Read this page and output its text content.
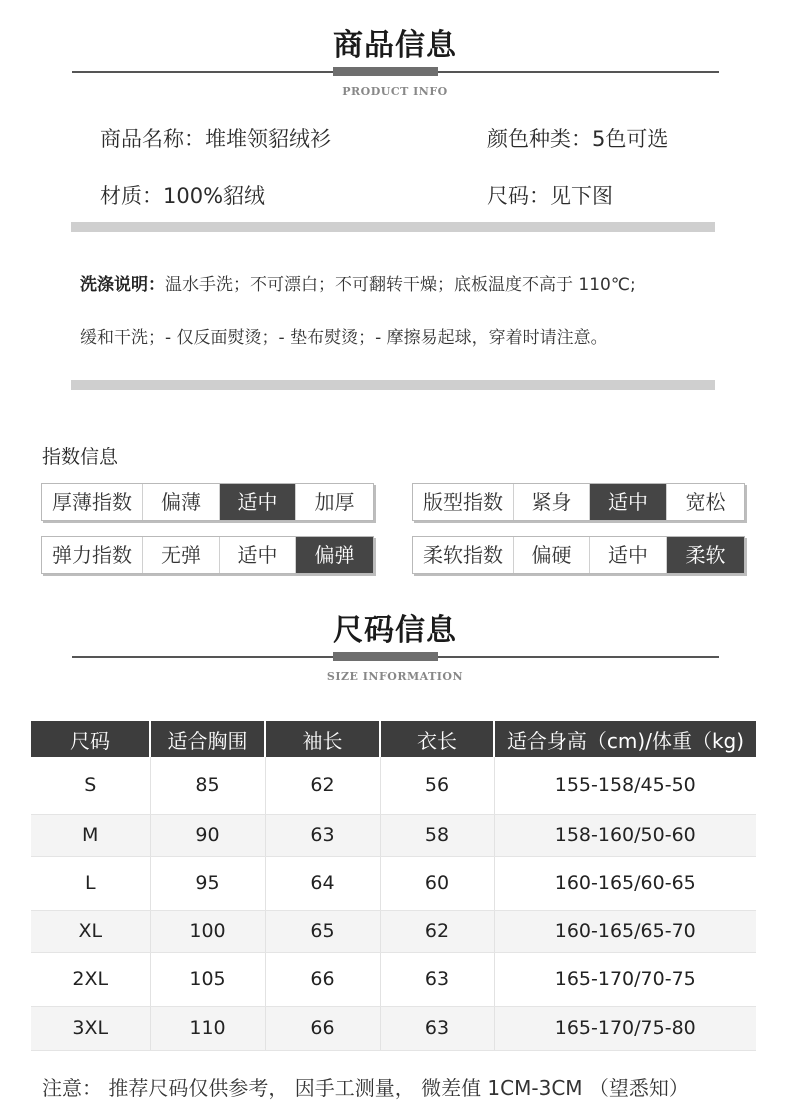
商品信息
PRODUCT INFO
商品名称：堆堆领貂绒衫	颜色种类：5色可选
材质：100%貂绒	尺码：见下图
洗涤说明：温水手洗；不可漂白；不可翻转干燥；底板温度不高于 110℃;
缓和干洗；- 仅反面熨烫；- 垫布熨烫；- 摩擦易起球，穿着时请注意。
指数信息
厚薄指数	偏薄	适中	加厚	版型指数	紧身	适中	宽松
弹力指数	无弹	适中	偏弹	柔软指数	偏硬	适中	柔软
尺码信息
SIZE INFORMATION
尺码	适合胸围	袖长	衣长	适合身高（cm)/体重（kg)
S	85	62	56	155-158/45-50
M	90	63	58	158-160/50-60
L	95	64	60	160-165/60-65
XL	100	65	62	160-165/65-70
2XL	105	66	63	165-170/70-75
3XL	110	66	63	165-170/75-80
注意： 推荐尺码仅供参考， 因手工测量， 微差值 1CM-3CM （望悉知）
